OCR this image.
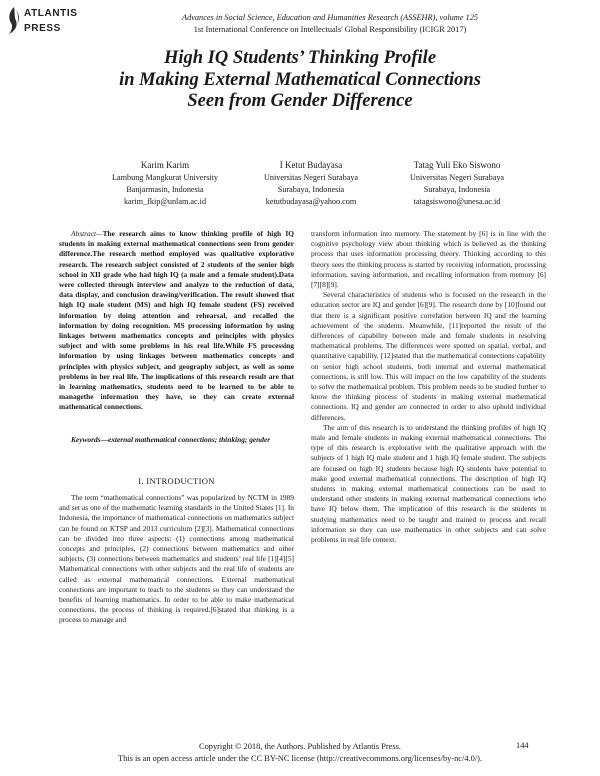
ATLANTIS
PRESS
Advances in Social Science, Education and Humanities Research (ASSEHR), volume 125
1st International Conference on Intellectuals' Global Responsibility (ICIGR 2017)
High IQ Students’ Thinking Profile
in Making External Mathematical Connections
Seen from Gender Difference
Karim Karim
Lambung Mangkurat University
Banjarmasin, Indonesia
karim_fkip@unlam.ac.id
I Ketut Budayasa
Universitas Negeri Surabaya
Surabaya, Indonesia
ketutbudayasa@yahoo.com
Tatag Yuli Eko Siswono
Universitas Negeri Surabaya
Surabaya, Indonesia
tatagsiswono@unesa.ac.id

Abstract—The research aims to know thinking profile of high IQ students in making external mathematical connections seen from gender difference.The research method employed was qualitative explorative research. The research subject consisted of 2 students of the senior high school in XII grade who had high IQ (a male and a female student).Data were collected through interview and analyze to the reduction of data, data display, and conclusion drawing/verification. The result showed that high IQ male student (MS) and high IQ female student (FS) received information by doing attention and rehearsal, and recalled the information by doing recognition. MS processing information by using linkages between mathematics concepts and principles with physics subject and with some problems in his real life.While FS processing information by using linkages between mathematics concepts and principles with physics subject, and geography subject, as well as some problems in her real life. The implications of this research result are that in learning mathematics, students need to be learned to be able to managethe information they have, so they can create external mathematical connections.

Keywords—external mathematical connections; thinking; gender

I. INTRODUCTION

The term “mathematical connections” was popularized by NCTM in 1989 and set as one of the mathematic learning standards in the United States [1]. In Indonesia, the importance of mathematical connections on mathematics subject can be found on KTSP and 2013 curriculum [2][3]. Mathematical connections can be divided into three aspects: (1) connections among mathematical concepts and principles, (2) connections between mathematics and other subjects, (3) connections between mathematics and students’ real life [1][4][5] Mathematical connections with other subjects and the real life of students are called as external mathematical connections. External mathematical connections are important to teach to the students so they can understand the benefits of learning mathematics. In order to be able to make mathematical connections, the process of thinking is required.[6]stated that thinking is a process to manage and

transform information into memory. The statement by [6] is in line with the cognitive psychology view about thinking which is believed as the thinking process that uses information processing theory. Thinking according to this theory sees the thinking process is started by receiving information, processing information, saving information, and recalling information from memory [6][7][8][9].

Several characteristics of students who is focused on the research in the education sector are IQ and gender [6][9]. The research done by [10]found out that there is a significant positive correlation between IQ and the learning achievement of the students. Meanwhile, [11]reported the result of the differences of capability between male and female students in resolving mathematical problems. The differences were spotted on spatial, verbal, and quantitative capability. [12]stated that the mathematical connections capability on senior high school students, both internal and external mathematical connections, is still low. This will impact on the low capability of the students to solve the mathematical problem. This problem needs to be studied further to know the thinking process of students in making external mathematical connections. IQ and gender are connected in order to also uphold individual differences.

The aim of this research is to understand the thinking profiles of high IQ male and female students in making external mathematical connections. The type of this research is explorative with the qualitative approach with the subjects of 1 high IQ male student and 1 high IQ female student. The subjects are focused on high IQ students because high IQ students have potential to make good external mathematical connections. The description of high IQ students in making external mathematical connections can be used to understand other students in making external mathematical connections who have IQ below them. The implication of this research is the students in studying mathematics need to be taught and trained to process and recall information so they can use mathematics in other subjects and can solve problems in real life context.

Copyright © 2018, the Authors. Published by Atlantis Press.
This is an open access article under the CC BY-NC license (http://creativecommons.org/licenses/by-nc/4.0/).
144
